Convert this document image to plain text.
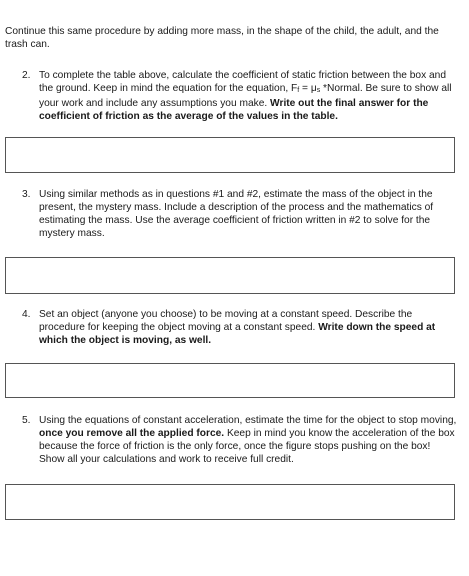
Continue this same procedure by adding more mass, in the shape of the child, the adult, and the trash can.
2. To complete the table above, calculate the coefficient of static friction between the box and the ground. Keep in mind the equation for the equation, Ff = μs *Normal. Be sure to show all your work and include any assumptions you make. Write out the final answer for the coefficient of friction as the average of the values in the table.
3. Using similar methods as in questions #1 and #2, estimate the mass of the object in the present, the mystery mass. Include a description of the process and the mathematics of estimating the mass. Use the average coefficient of friction written in #2 to solve for the mystery mass.
4. Set an object (anyone you choose) to be moving at a constant speed. Describe the procedure for keeping the object moving at a constant speed. Write down the speed at which the object is moving, as well.
5. Using the equations of constant acceleration, estimate the time for the object to stop moving, once you remove all the applied force. Keep in mind you know the acceleration of the box because the force of friction is the only force, once the figure stops pushing on the box! Show all your calculations and work to receive full credit.
